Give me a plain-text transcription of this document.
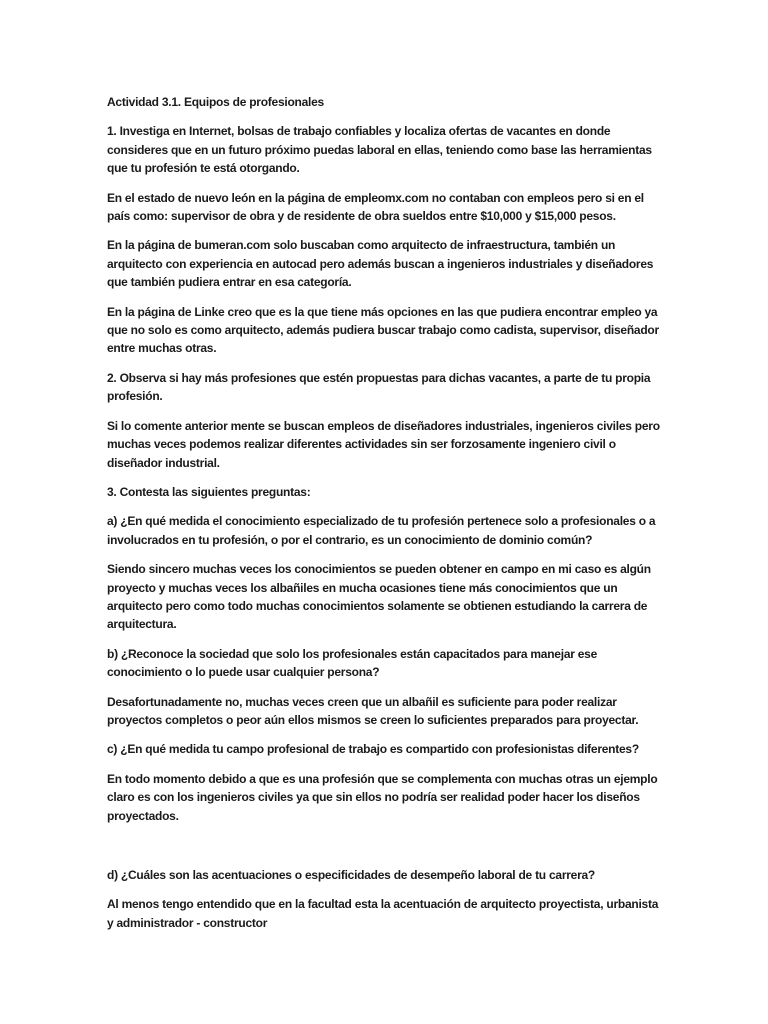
Actividad 3.1. Equipos de profesionales

1. Investiga en Internet, bolsas de trabajo confiables y localiza ofertas de vacantes en donde consideres que en un futuro próximo puedas laboral en ellas, teniendo como base las herramientas que tu profesión te está otorgando.

En el estado de nuevo león en la página de empleomx.com no contaban con empleos pero si en el país como: supervisor de obra y de residente de obra sueldos entre $10,000 y $15,000 pesos.

En la página de bumeran.com solo buscaban como arquitecto de infraestructura, también un arquitecto con experiencia en autocad pero además buscan a ingenieros industriales y diseñadores que también pudiera entrar en esa categoría.

En la página de Linke creo que es la que tiene más opciones en las que pudiera encontrar empleo ya que no solo es como arquitecto, además pudiera buscar trabajo como cadista, supervisor, diseñador entre muchas otras.

2. Observa si hay más profesiones que estén propuestas para dichas vacantes, a parte de tu propia profesión.

Si lo comente anterior mente se buscan empleos de diseñadores industriales, ingenieros civiles pero muchas veces podemos realizar diferentes actividades sin ser forzosamente ingeniero civil o diseñador industrial.

3. Contesta las siguientes preguntas:

a) ¿En qué medida el conocimiento especializado de tu profesión pertenece solo a profesionales o a involucrados en tu profesión, o por el contrario, es un conocimiento de dominio común?

Siendo sincero muchas veces los conocimientos se pueden obtener en campo en mi caso es algún proyecto y muchas veces los albañiles en mucha ocasiones tiene más conocimientos que un arquitecto pero como todo muchas conocimientos solamente se obtienen estudiando la carrera de arquitectura.

b) ¿Reconoce la sociedad que solo los profesionales están capacitados para manejar ese conocimiento o lo puede usar cualquier persona?

Desafortunadamente no, muchas veces creen que un albañil es suficiente para poder realizar proyectos completos o peor aún ellos mismos se creen lo suficientes preparados para proyectar.

c) ¿En qué medida tu campo profesional de trabajo es compartido con profesionistas diferentes?

En todo momento debido a que es una profesión que se complementa con muchas otras un ejemplo claro es con los ingenieros civiles ya que sin ellos no podría ser realidad poder hacer los diseños proyectados.

d) ¿Cuáles son las acentuaciones o especificidades de desempeño laboral de tu carrera?

Al menos tengo entendido que en la facultad esta la acentuación de arquitecto proyectista, urbanista y administrador - constructor
